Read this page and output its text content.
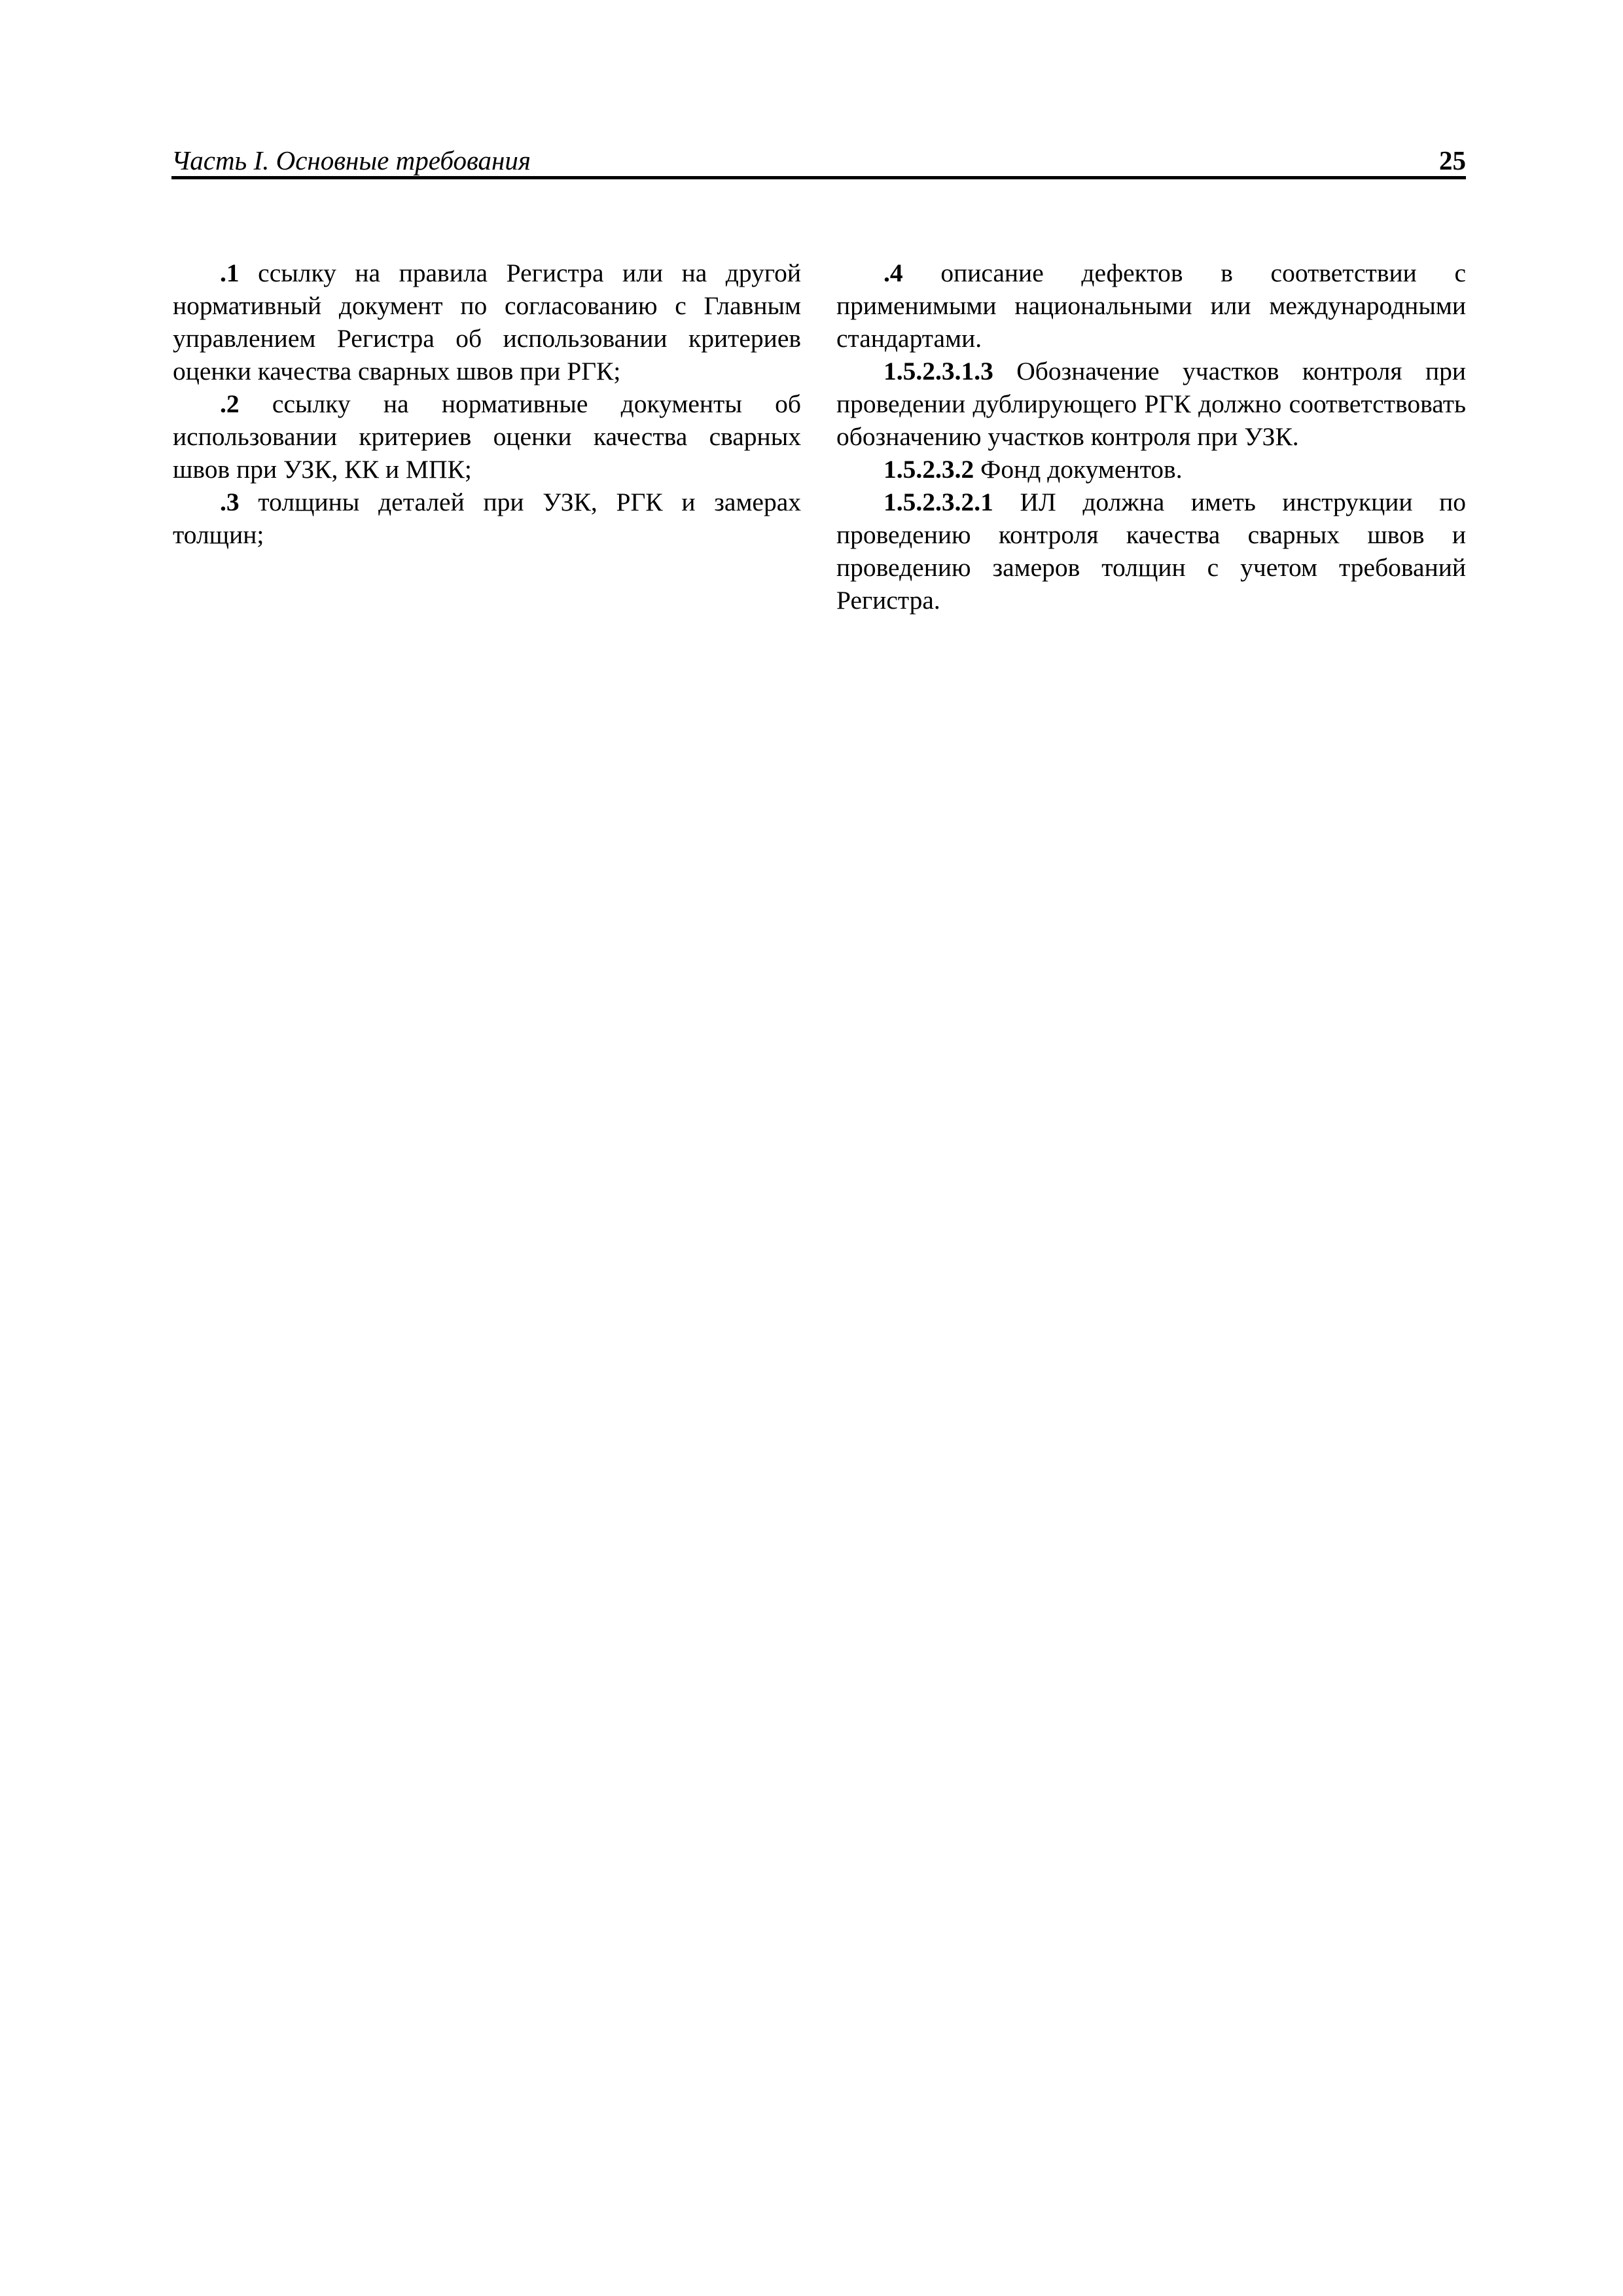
Часть I. Основные требования	25

.1 ссылку на правила Регистра или на другой нормативный документ по согласованию с Главным управлением Регистра об использовании критериев оценки качества сварных швов при РГК;

.2 ссылку на нормативные документы об использовании критериев оценки качества сварных швов при УЗК, КК и МПК;

.3 толщины деталей при УЗК, РГК и замерах толщин;

.4 описание дефектов в соответствии с применимыми национальными или международными стандартами.

1.5.2.3.1.3 Обозначение участков контроля при проведении дублирующего РГК должно соответствовать обозначению участков контроля при УЗК.

1.5.2.3.2 Фонд документов.

1.5.2.3.2.1 ИЛ должна иметь инструкции по проведению контроля качества сварных швов и проведению замеров толщин с учетом требований Регистра.
